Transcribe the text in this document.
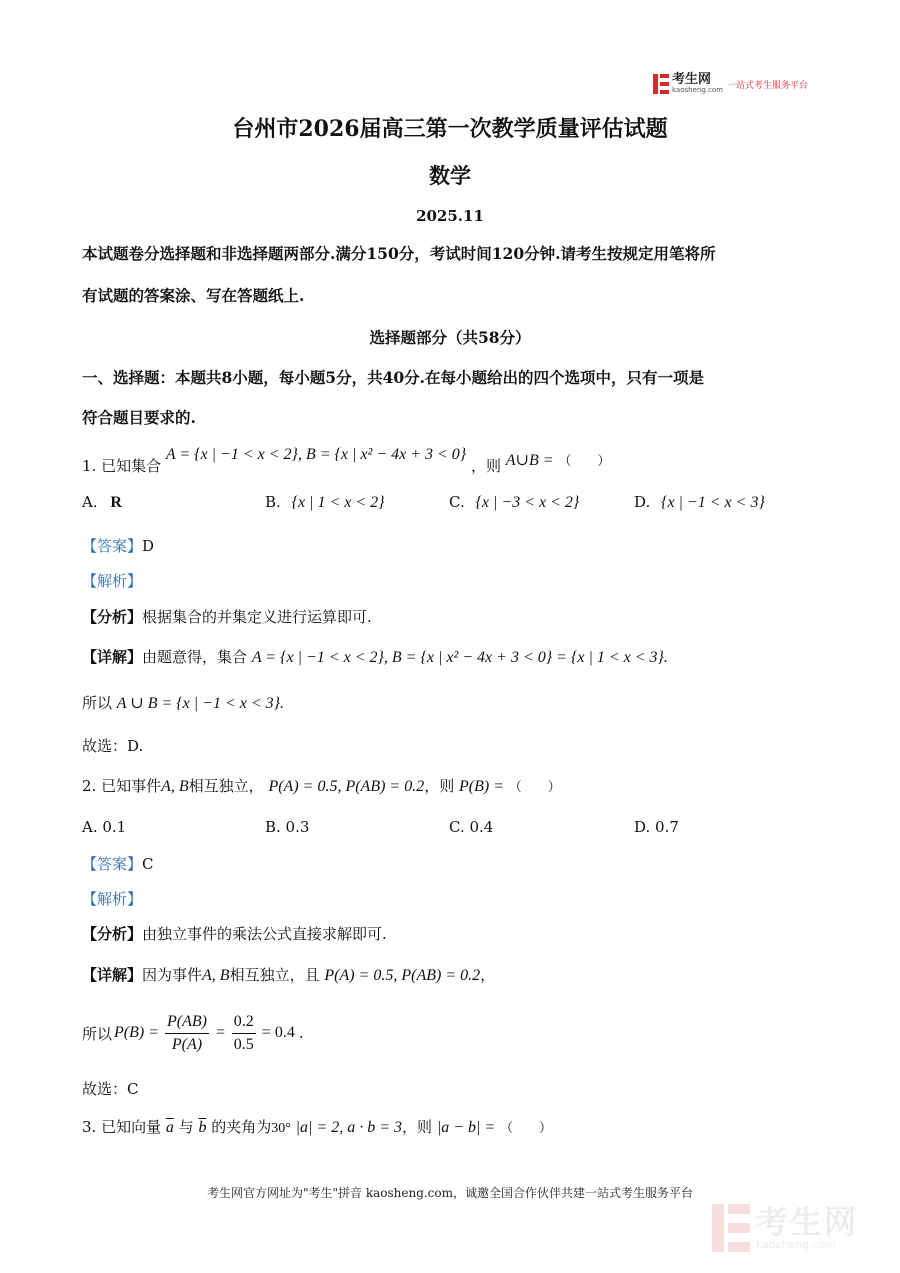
考生网
kaosheng.com 一站式考生服务平台
台州市2026届高三第一次教学质量评估试题
数学
2025.11
本试题卷分选择题和非选择题两部分.满分150分，考试时间120分钟.请考生按规定用笔将所
有试题的答案涂、写在答题纸上.
选择题部分（共58分）
一、选择题：本题共8小题，每小题5分，共40分.在每小题给出的四个选项中，只有一项是
符合题目要求的.
1. 已知集合 A = {x | −1 < x < 2}, B = {x | x² − 4x + 3 < 0} ，则 A∪B = （　　）
A. R	B. {x | 1 < x < 2}	C. {x | −3 < x < 2}	D. {x | −1 < x < 3}
【答案】D
【解析】
【分析】根据集合的并集定义进行运算即可.
【详解】由题意得，集合 A = {x | −1 < x < 2}, B = {x | x² − 4x + 3 < 0} = {x | 1 < x < 3}.
所以 A ∪ B = {x | −1 < x < 3}.
故选：D.
2. 已知事件A, B相互独立， P(A) = 0.5, P(AB) = 0.2，则 P(B) = （　　）
A. 0.1	B. 0.3	C. 0.4	D. 0.7
【答案】C
【解析】
【分析】由独立事件的乘法公式直接求解即可.
【详解】因为事件A, B相互独立，且 P(A) = 0.5, P(AB) = 0.2，
所以 $P(B) = \frac{P(AB)}{P(A)} = \frac{0.2}{0.5} = 0.4$ .
故选：C
3. 已知向量 $\overline{a}$ 与 $\overline{b}$ 的夹角为30° |a| = 2, a · b = 3，则 |a − b| = （　　）
考生网官方网址为"考生"拼音 kaosheng.com，诚邀全国合作伙伴共建一站式考生服务平台
考生网
kaosheng.com
